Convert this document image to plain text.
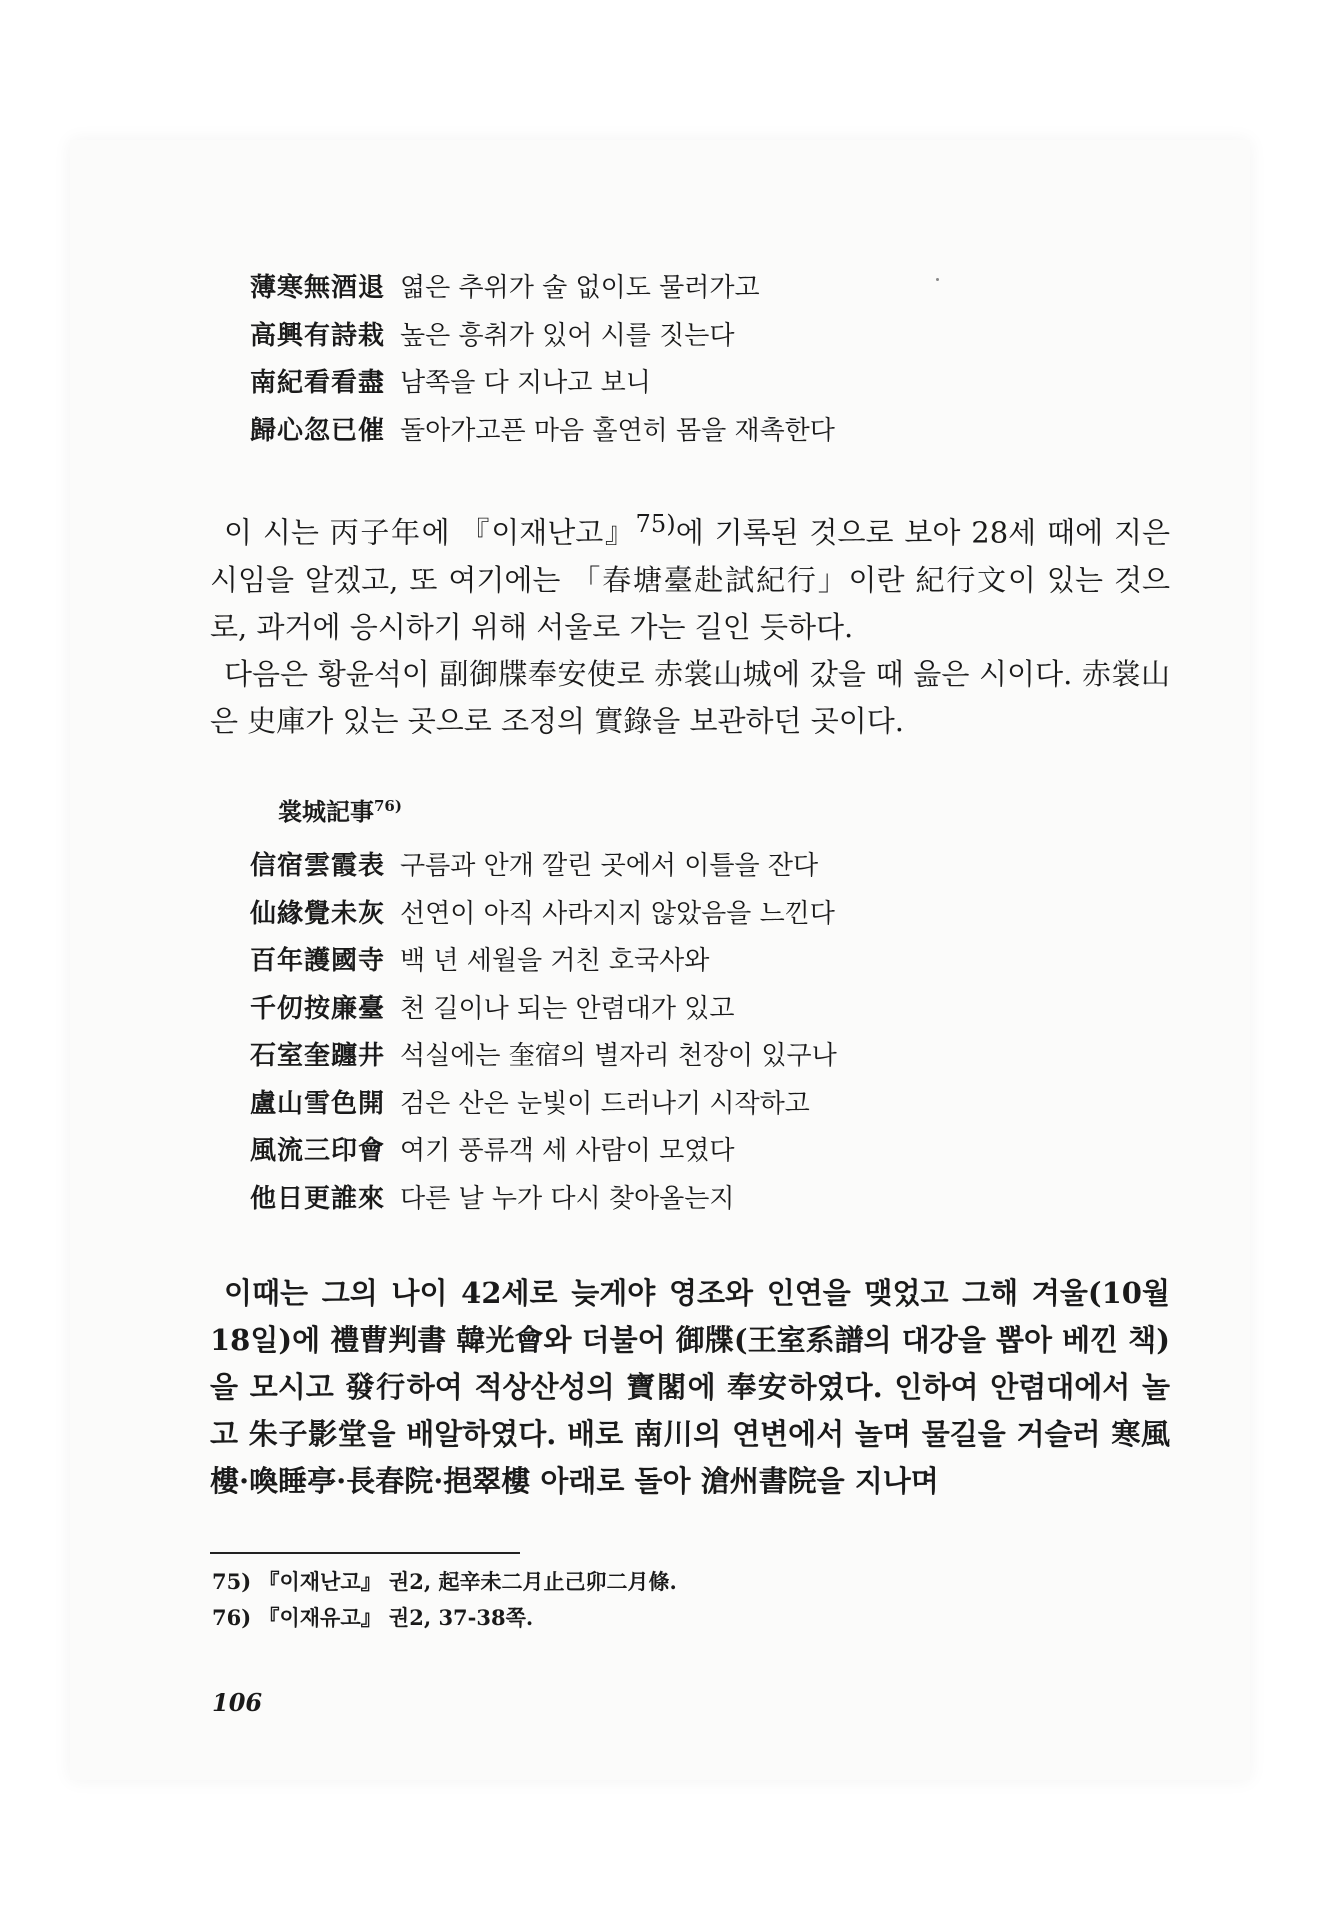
薄寒無酒退 엷은 추위가 술 없이도 물러가고
高興有詩栽 높은 흥취가 있어 시를 짓는다
南紀看看盡 남쪽을 다 지나고 보니
歸心忽已催 돌아가고픈 마음 홀연히 몸을 재촉한다

이 시는 丙子年에 『이재난고』$^{75)}$에 기록된 것으로 보아 28세 때에 지은 시임을 알겠고, 또 여기에는 「春塘臺赴試紀行」이란 紀行文이 있는 것으로, 과거에 응시하기 위해 서울로 가는 길인 듯하다.

다음은 황윤석이 副御牒奉安使로 赤裳山城에 갔을 때 읊은 시이다. 赤裳山은 史庫가 있는 곳으로 조정의 實錄을 보관하던 곳이다.

裳城記事$^{76)}$
信宿雲霞表 구름과 안개 깔린 곳에서 이틀을 잔다
仙緣覺未灰 선연이 아직 사라지지 않았음을 느낀다
百年護國寺 백 년 세월을 거친 호국사와
千仞按廉臺 천 길이나 되는 안렴대가 있고
石室奎躔井 석실에는 奎宿의 별자리 천장이 있구나
盧山雪色開 검은 산은 눈빛이 드러나기 시작하고
風流三印會 여기 풍류객 세 사람이 모였다
他日更誰來 다른 날 누가 다시 찾아올는지

이때는 그의 나이 42세로 늦게야 영조와 인연을 맺었고 그해 겨울(10월 18일)에 禮曹判書 韓光會와 더불어 御牒(王室系譜의 대강을 뽑아 베낀 책)을 모시고 發行하여 적상산성의 寶閣에 奉安하였다. 인하여 안렴대에서 놀고 朱子影堂을 배알하였다. 배로 南川의 연변에서 놀며 물길을 거슬러 寒風樓·喚睡亭·長春院·挹翠樓 아래로 돌아 滄州書院을 지나며

75) 『이재난고』 권2, 起辛未二月止己卯二月條.
76) 『이재유고』 권2, 37-38쪽.
106
